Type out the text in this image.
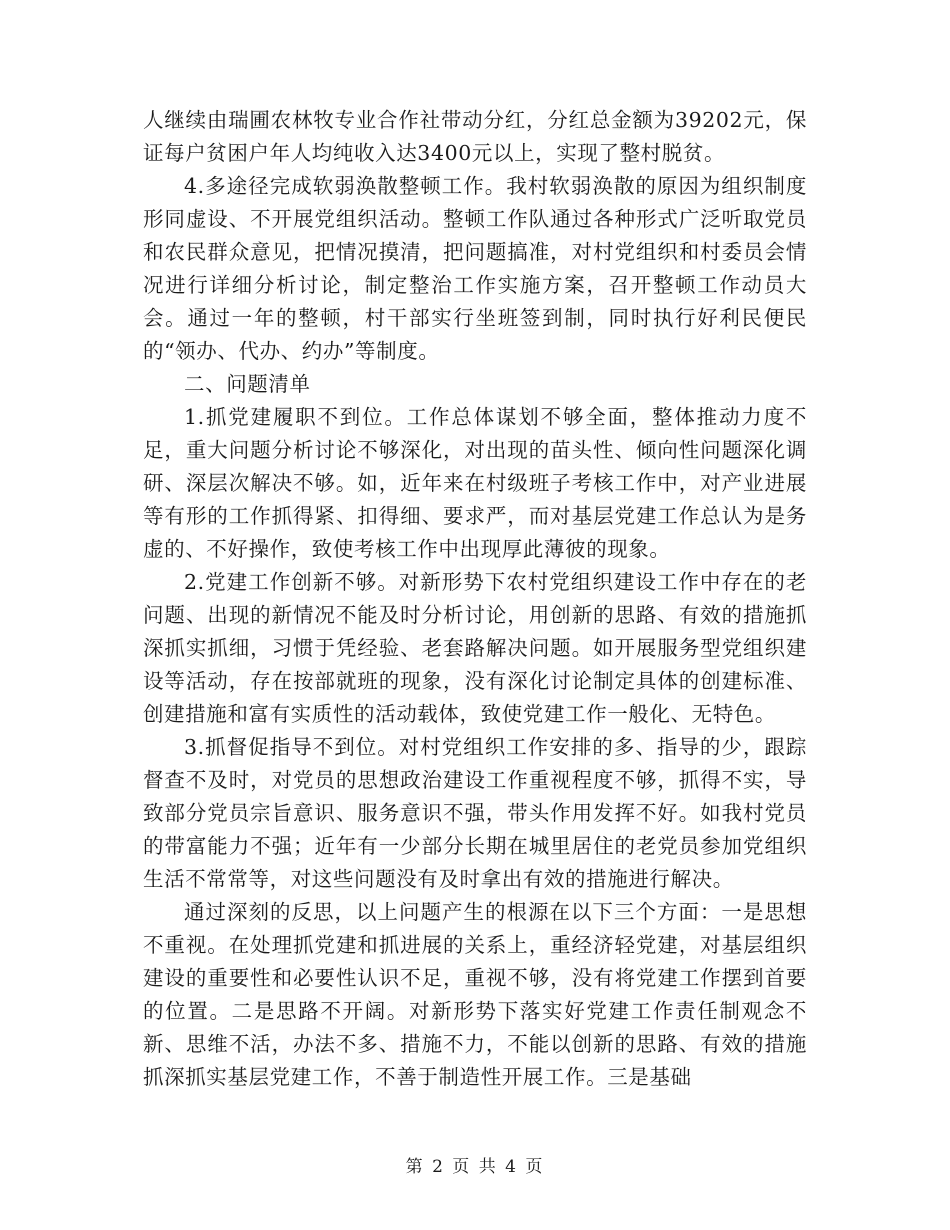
人继续由瑞圃农林牧专业合作社带动分红，分红总金额为39202元，保证每户贫困户年人均纯收入达3400元以上，实现了整村脱贫。

4.多途径完成软弱涣散整顿工作。我村软弱涣散的原因为组织制度形同虚设、不开展党组织活动。整顿工作队通过各种形式广泛听取党员和农民群众意见，把情况摸清，把问题搞准，对村党组织和村委员会情况进行详细分析讨论，制定整治工作实施方案，召开整顿工作动员大会。通过一年的整顿，村干部实行坐班签到制，同时执行好利民便民的“领办、代办、约办”等制度。

二、问题清单

1.抓党建履职不到位。工作总体谋划不够全面，整体推动力度不足，重大问题分析讨论不够深化，对出现的苗头性、倾向性问题深化调研、深层次解决不够。如，近年来在村级班子考核工作中，对产业进展等有形的工作抓得紧、扣得细、要求严，而对基层党建工作总认为是务虚的、不好操作，致使考核工作中出现厚此薄彼的现象。

2.党建工作创新不够。对新形势下农村党组织建设工作中存在的老问题、出现的新情况不能及时分析讨论，用创新的思路、有效的措施抓深抓实抓细，习惯于凭经验、老套路解决问题。如开展服务型党组织建设等活动，存在按部就班的现象，没有深化讨论制定具体的创建标准、创建措施和富有实质性的活动载体，致使党建工作一般化、无特色。

3.抓督促指导不到位。对村党组织工作安排的多、指导的少，跟踪督查不及时，对党员的思想政治建设工作重视程度不够，抓得不实，导致部分党员宗旨意识、服务意识不强，带头作用发挥不好。如我村党员的带富能力不强；近年有一少部分长期在城里居住的老党员参加党组织生活不常常等，对这些问题没有及时拿出有效的措施进行解决。

通过深刻的反思，以上问题产生的根源在以下三个方面：一是思想不重视。在处理抓党建和抓进展的关系上，重经济轻党建，对基层组织建设的重要性和必要性认识不足，重视不够，没有将党建工作摆到首要的位置。二是思路不开阔。对新形势下落实好党建工作责任制观念不新、思维不活，办法不多、措施不力，不能以创新的思路、有效的措施抓深抓实基层党建工作，不善于制造性开展工作。三是基础

第 2 页 共 4 页
